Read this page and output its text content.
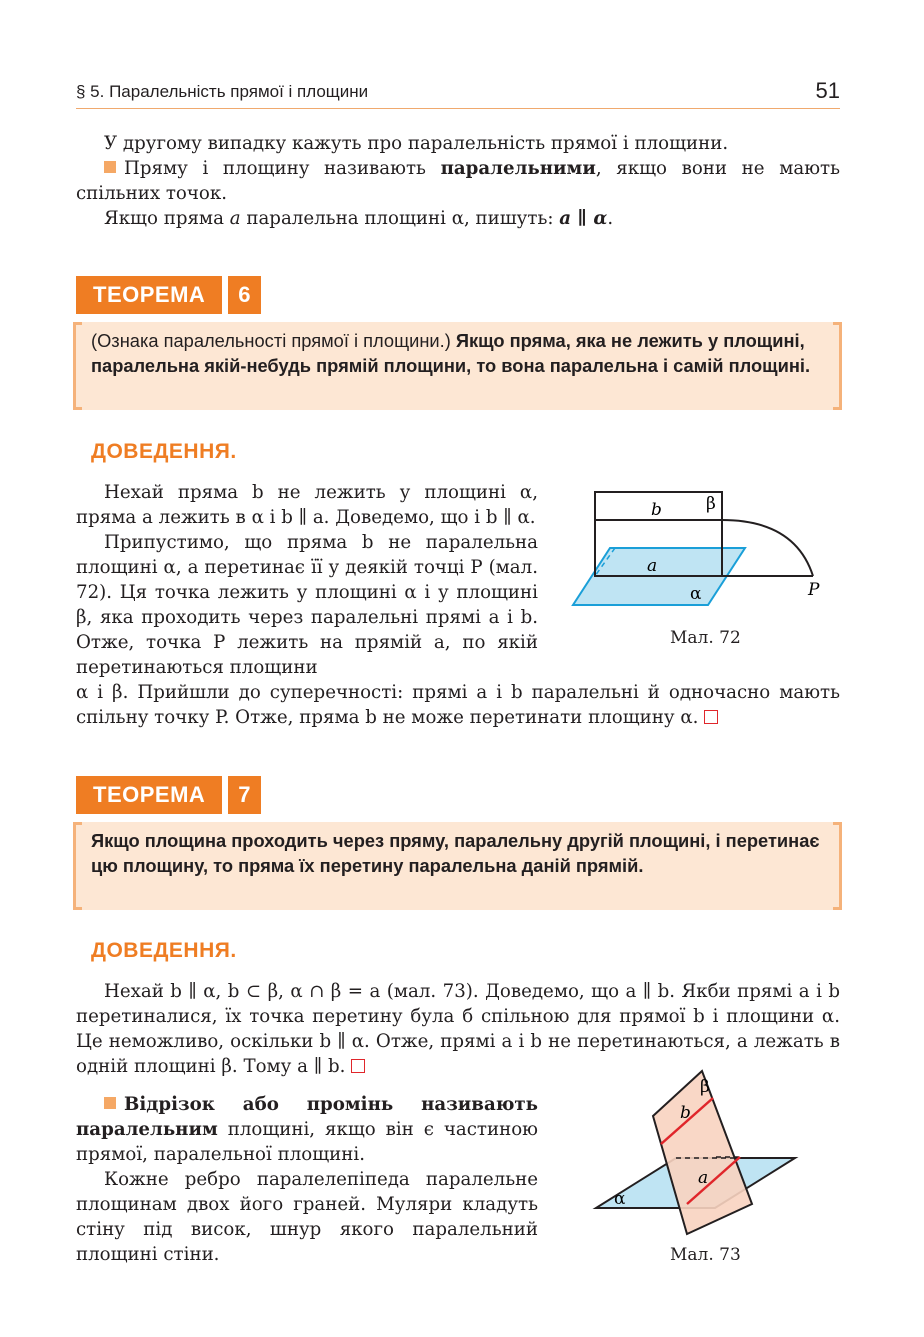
§ 5. Паралельність прямої і площини	51
У другому випадку кажуть про паралельність прямої і площини.
Пряму і площину називають паралельними, якщо вони не мають спільних точок.
Якщо пряма a паралельна площині α, пишуть: a ∥ α.
ТЕОРЕМА	6
(Ознака паралельності прямої і площини.) Якщо пряма, яка не лежить у площині, паралельна якій-небудь прямій площини, то вона паралельна і самій площині.
ДОВЕДЕННЯ.
Нехай пряма b не лежить у площині α, пряма a лежить в α і b ∥ a. Доведемо, що і b ∥ α.
Припустимо, що пряма b не паралельна площині α, а перетинає її у деякій точці P (мал. 72). Ця точка лежить у площині α і у площині β, яка проходить через паралельні прямі a і b. Отже, точка P лежить на прямій a, по якій перетинаються площини
α і β. Прийшли до суперечності: прямі a і b паралельні й одночасно мають спільну точку P. Отже, пряма b не може перетинати площину α.
b	β
a
α	P
Мал. 72
ТЕОРЕМА	7
Якщо площина проходить через пряму, паралельну другій площині, і перетинає цю площину, то пряма їх перетину паралельна даній прямій.
ДОВЕДЕННЯ.
Нехай b ∥ α, b ⊂ β, α ∩ β = a (мал. 73). Доведемо, що a ∥ b. Якби прямі a і b перетиналися, їх точка перетину була б спільною для прямої b і площини α. Це неможливо, оскільки b ∥ α. Отже, прямі a і b не перетинаються, а лежать в одній площині β. Тому a ∥ b.
Відрізок або промінь називають паралельним площині, якщо він є частиною прямої, паралельної площині.
Кожне ребро паралелепіпеда паралельне площинам двох його граней. Муляри кладуть стіну під висок, шнур якого паралельний площині стіни.
β
b
a
α
Мал. 73
